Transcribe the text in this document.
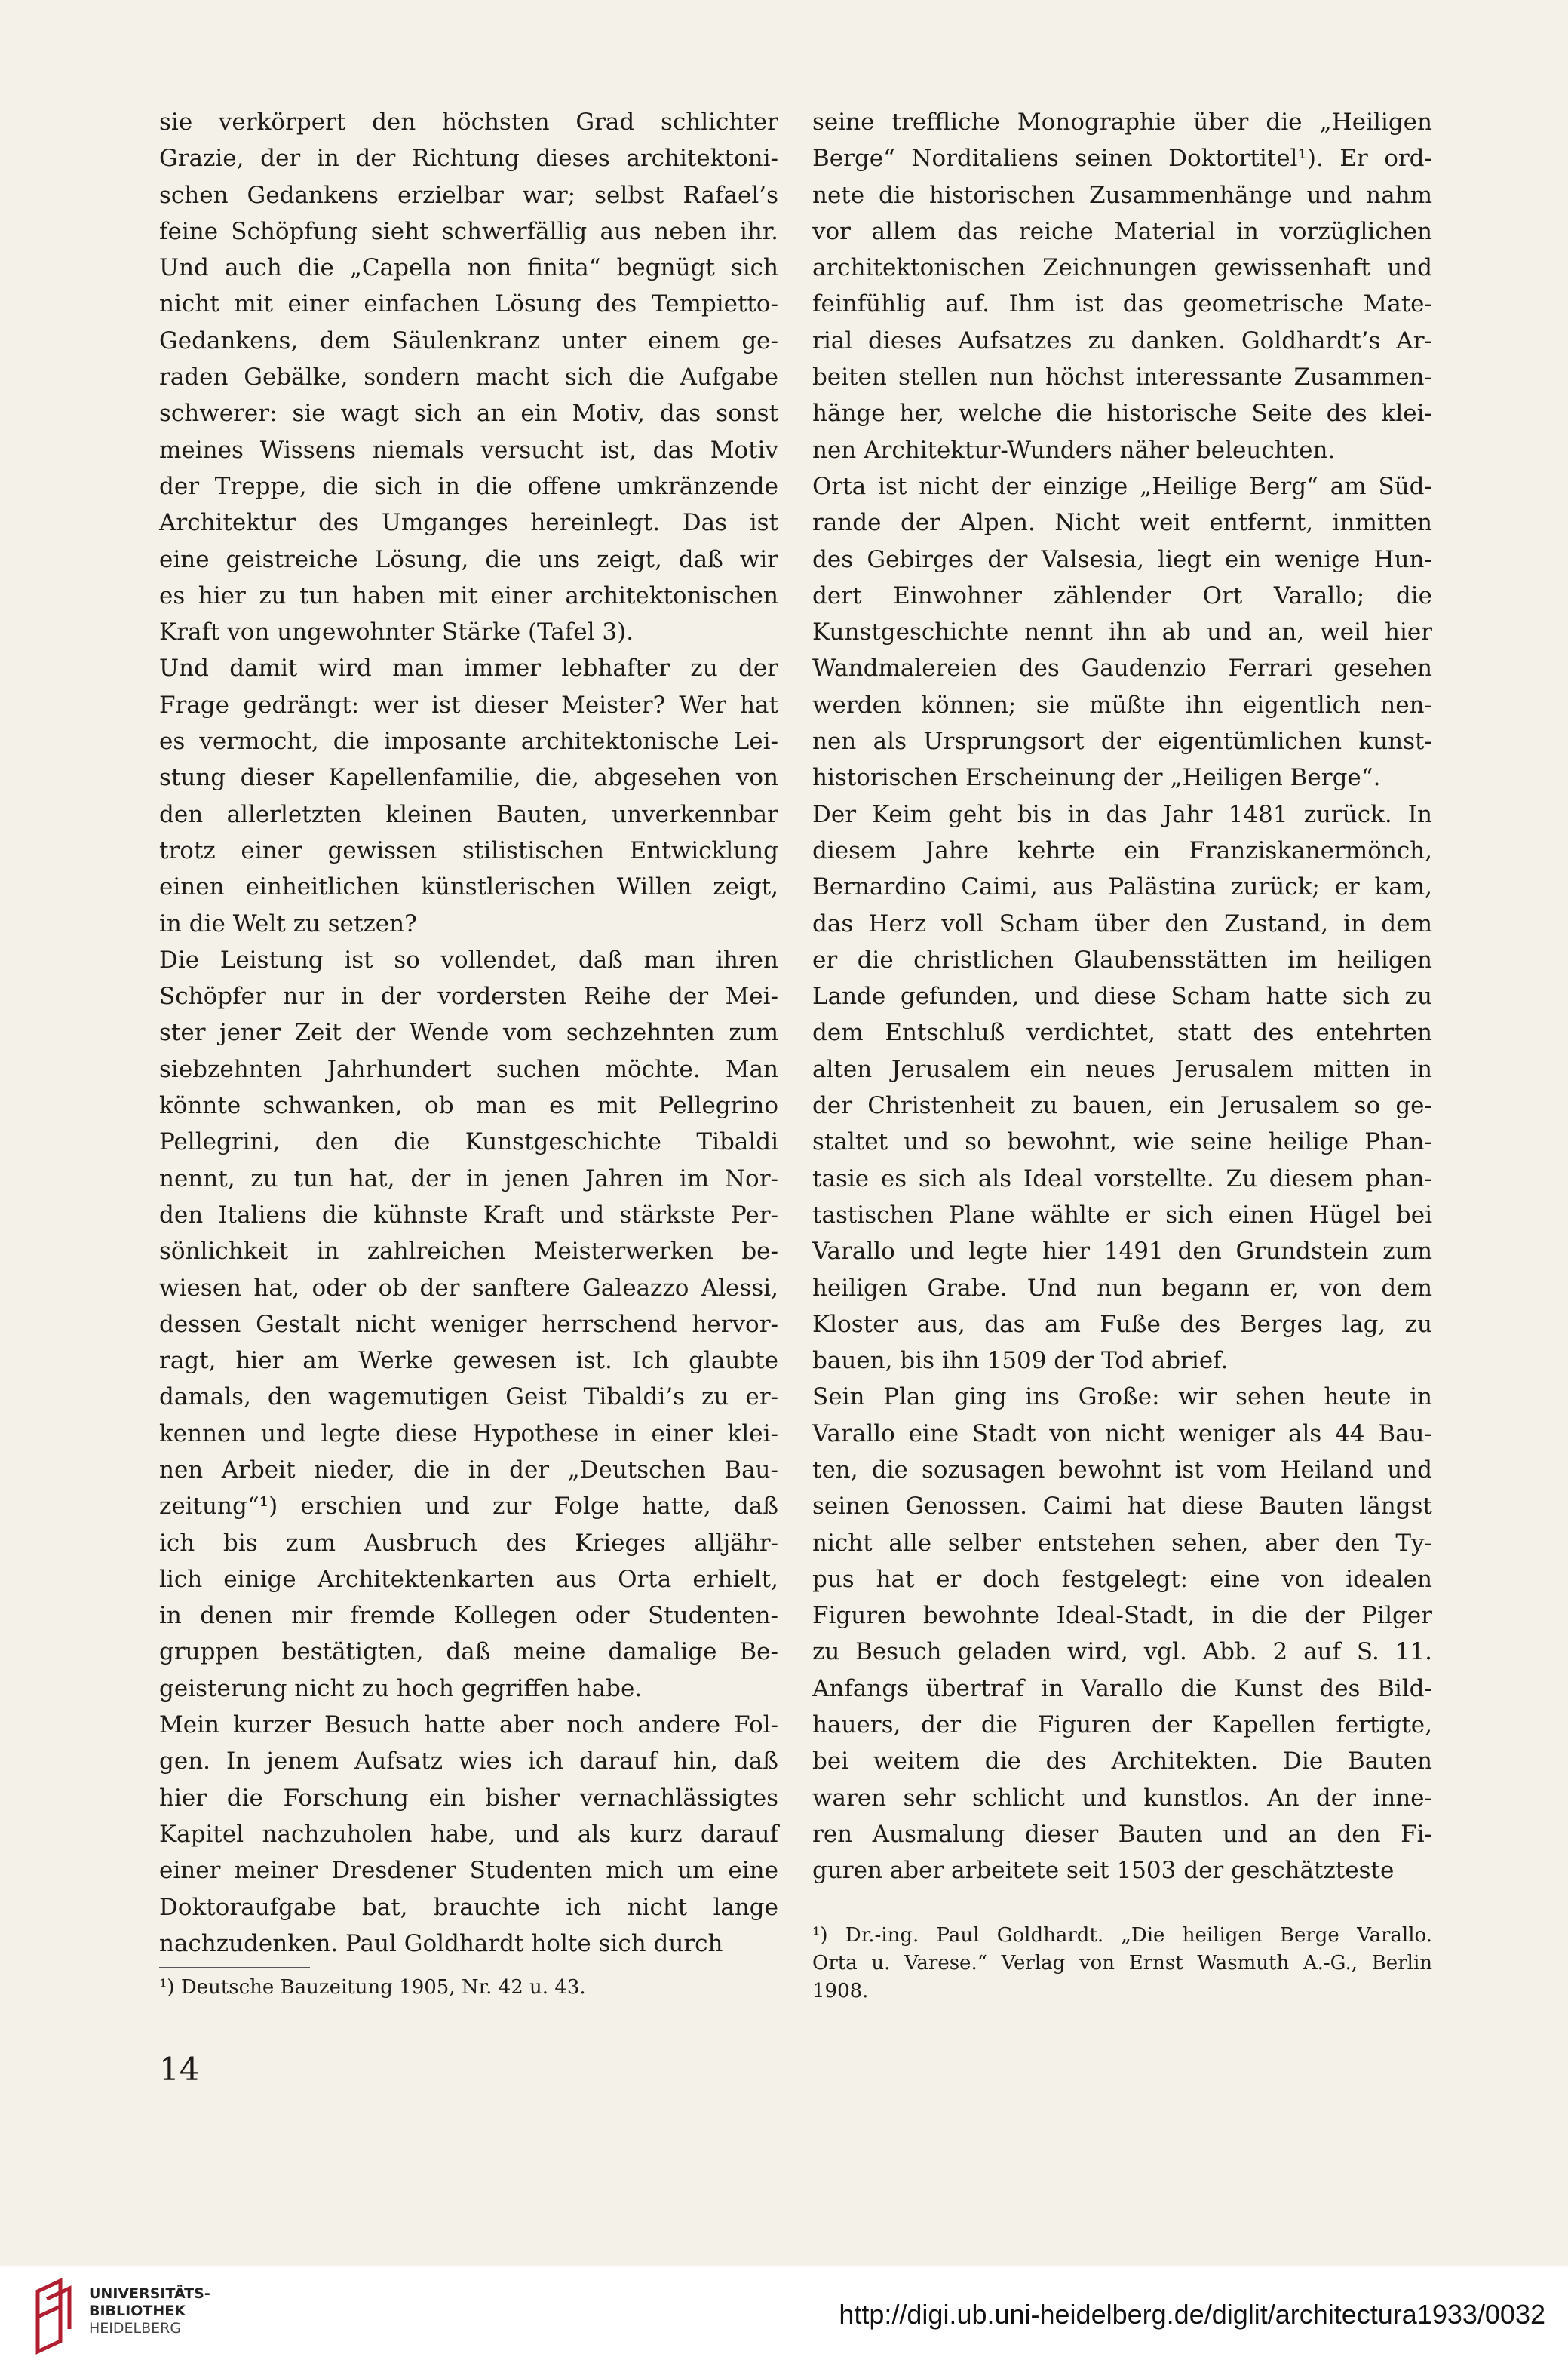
sie verkörpert den höchsten Grad schlichter
Grazie, der in der Richtung dieses architektoni-
schen Gedankens erzielbar war; selbst Rafael’s
feine Schöpfung sieht schwerfällig aus neben ihr.
Und auch die „Capella non finita“ begnügt sich
nicht mit einer einfachen Lösung des Tempietto-
Gedankens, dem Säulenkranz unter einem ge-
raden Gebälke, sondern macht sich die Aufgabe
schwerer: sie wagt sich an ein Motiv, das sonst
meines Wissens niemals versucht ist, das Motiv
der Treppe, die sich in die offene umkränzende
Architektur des Umganges hereinlegt. Das ist
eine geistreiche Lösung, die uns zeigt, daß wir
es hier zu tun haben mit einer architektonischen
Kraft von ungewohnter Stärke (Tafel 3).
Und damit wird man immer lebhafter zu der
Frage gedrängt: wer ist dieser Meister? Wer hat
es vermocht, die imposante architektonische Lei-
stung dieser Kapellenfamilie, die, abgesehen von
den allerletzten kleinen Bauten, unverkennbar
trotz einer gewissen stilistischen Entwicklung
einen einheitlichen künstlerischen Willen zeigt,
in die Welt zu setzen?
Die Leistung ist so vollendet, daß man ihren
Schöpfer nur in der vordersten Reihe der Mei-
ster jener Zeit der Wende vom sechzehnten zum
siebzehnten Jahrhundert suchen möchte. Man
könnte schwanken, ob man es mit Pellegrino
Pellegrini, den die Kunstgeschichte Tibaldi
nennt, zu tun hat, der in jenen Jahren im Nor-
den Italiens die kühnste Kraft und stärkste Per-
sönlichkeit in zahlreichen Meisterwerken be-
wiesen hat, oder ob der sanftere Galeazzo Alessi,
dessen Gestalt nicht weniger herrschend hervor-
ragt, hier am Werke gewesen ist. Ich glaubte
damals, den wagemutigen Geist Tibaldi’s zu er-
kennen und legte diese Hypothese in einer klei-
nen Arbeit nieder, die in der „Deutschen Bau-
zeitung“¹) erschien und zur Folge hatte, daß
ich bis zum Ausbruch des Krieges alljähr-
lich einige Architektenkarten aus Orta erhielt,
in denen mir fremde Kollegen oder Studenten-
gruppen bestätigten, daß meine damalige Be-
geisterung nicht zu hoch gegriffen habe.
Mein kurzer Besuch hatte aber noch andere Fol-
gen. In jenem Aufsatz wies ich darauf hin, daß
hier die Forschung ein bisher vernachlässigtes
Kapitel nachzuholen habe, und als kurz darauf
einer meiner Dresdener Studenten mich um eine
Doktoraufgabe bat, brauchte ich nicht lange
nachzudenken. Paul Goldhardt holte sich durch
¹) Deutsche Bauzeitung 1905, Nr. 42 u. 43.
seine treffliche Monographie über die „Heiligen
Berge“ Norditaliens seinen Doktortitel¹). Er ord-
nete die historischen Zusammenhänge und nahm
vor allem das reiche Material in vorzüglichen
architektonischen Zeichnungen gewissenhaft und
feinfühlig auf. Ihm ist das geometrische Mate-
rial dieses Aufsatzes zu danken. Goldhardt’s Ar-
beiten stellen nun höchst interessante Zusammen-
hänge her, welche die historische Seite des klei-
nen Architektur-Wunders näher beleuchten.
Orta ist nicht der einzige „Heilige Berg“ am Süd-
rande der Alpen. Nicht weit entfernt, inmitten
des Gebirges der Valsesia, liegt ein wenige Hun-
dert Einwohner zählender Ort Varallo; die
Kunstgeschichte nennt ihn ab und an, weil hier
Wandmalereien des Gaudenzio Ferrari gesehen
werden können; sie müßte ihn eigentlich nen-
nen als Ursprungsort der eigentümlichen kunst-
historischen Erscheinung der „Heiligen Berge“.
Der Keim geht bis in das Jahr 1481 zurück. In
diesem Jahre kehrte ein Franziskanermönch,
Bernardino Caimi, aus Palästina zurück; er kam,
das Herz voll Scham über den Zustand, in dem
er die christlichen Glaubensstätten im heiligen
Lande gefunden, und diese Scham hatte sich zu
dem Entschluß verdichtet, statt des entehrten
alten Jerusalem ein neues Jerusalem mitten in
der Christenheit zu bauen, ein Jerusalem so ge-
staltet und so bewohnt, wie seine heilige Phan-
tasie es sich als Ideal vorstellte. Zu diesem phan-
tastischen Plane wählte er sich einen Hügel bei
Varallo und legte hier 1491 den Grundstein zum
heiligen Grabe. Und nun begann er, von dem
Kloster aus, das am Fuße des Berges lag, zu
bauen, bis ihn 1509 der Tod abrief.
Sein Plan ging ins Große: wir sehen heute in
Varallo eine Stadt von nicht weniger als 44 Bau-
ten, die sozusagen bewohnt ist vom Heiland und
seinen Genossen. Caimi hat diese Bauten längst
nicht alle selber entstehen sehen, aber den Ty-
pus hat er doch festgelegt: eine von idealen
Figuren bewohnte Ideal-Stadt, in die der Pilger
zu Besuch geladen wird, vgl. Abb. 2 auf S. 11.
Anfangs übertraf in Varallo die Kunst des Bild-
hauers, der die Figuren der Kapellen fertigte,
bei weitem die des Architekten. Die Bauten
waren sehr schlicht und kunstlos. An der inne-
ren Ausmalung dieser Bauten und an den Fi-
guren aber arbeitete seit 1503 der geschätzteste
¹) Dr.-ing. Paul Goldhardt. „Die heiligen Berge Varallo.
Orta u. Varese.“ Verlag von Ernst Wasmuth A.-G., Berlin
1908.
14
UNIVERSITÄTS-
BIBLIOTHEK
HEIDELBERG	http://digi.ub.uni-heidelberg.de/diglit/architectura1933/0032
